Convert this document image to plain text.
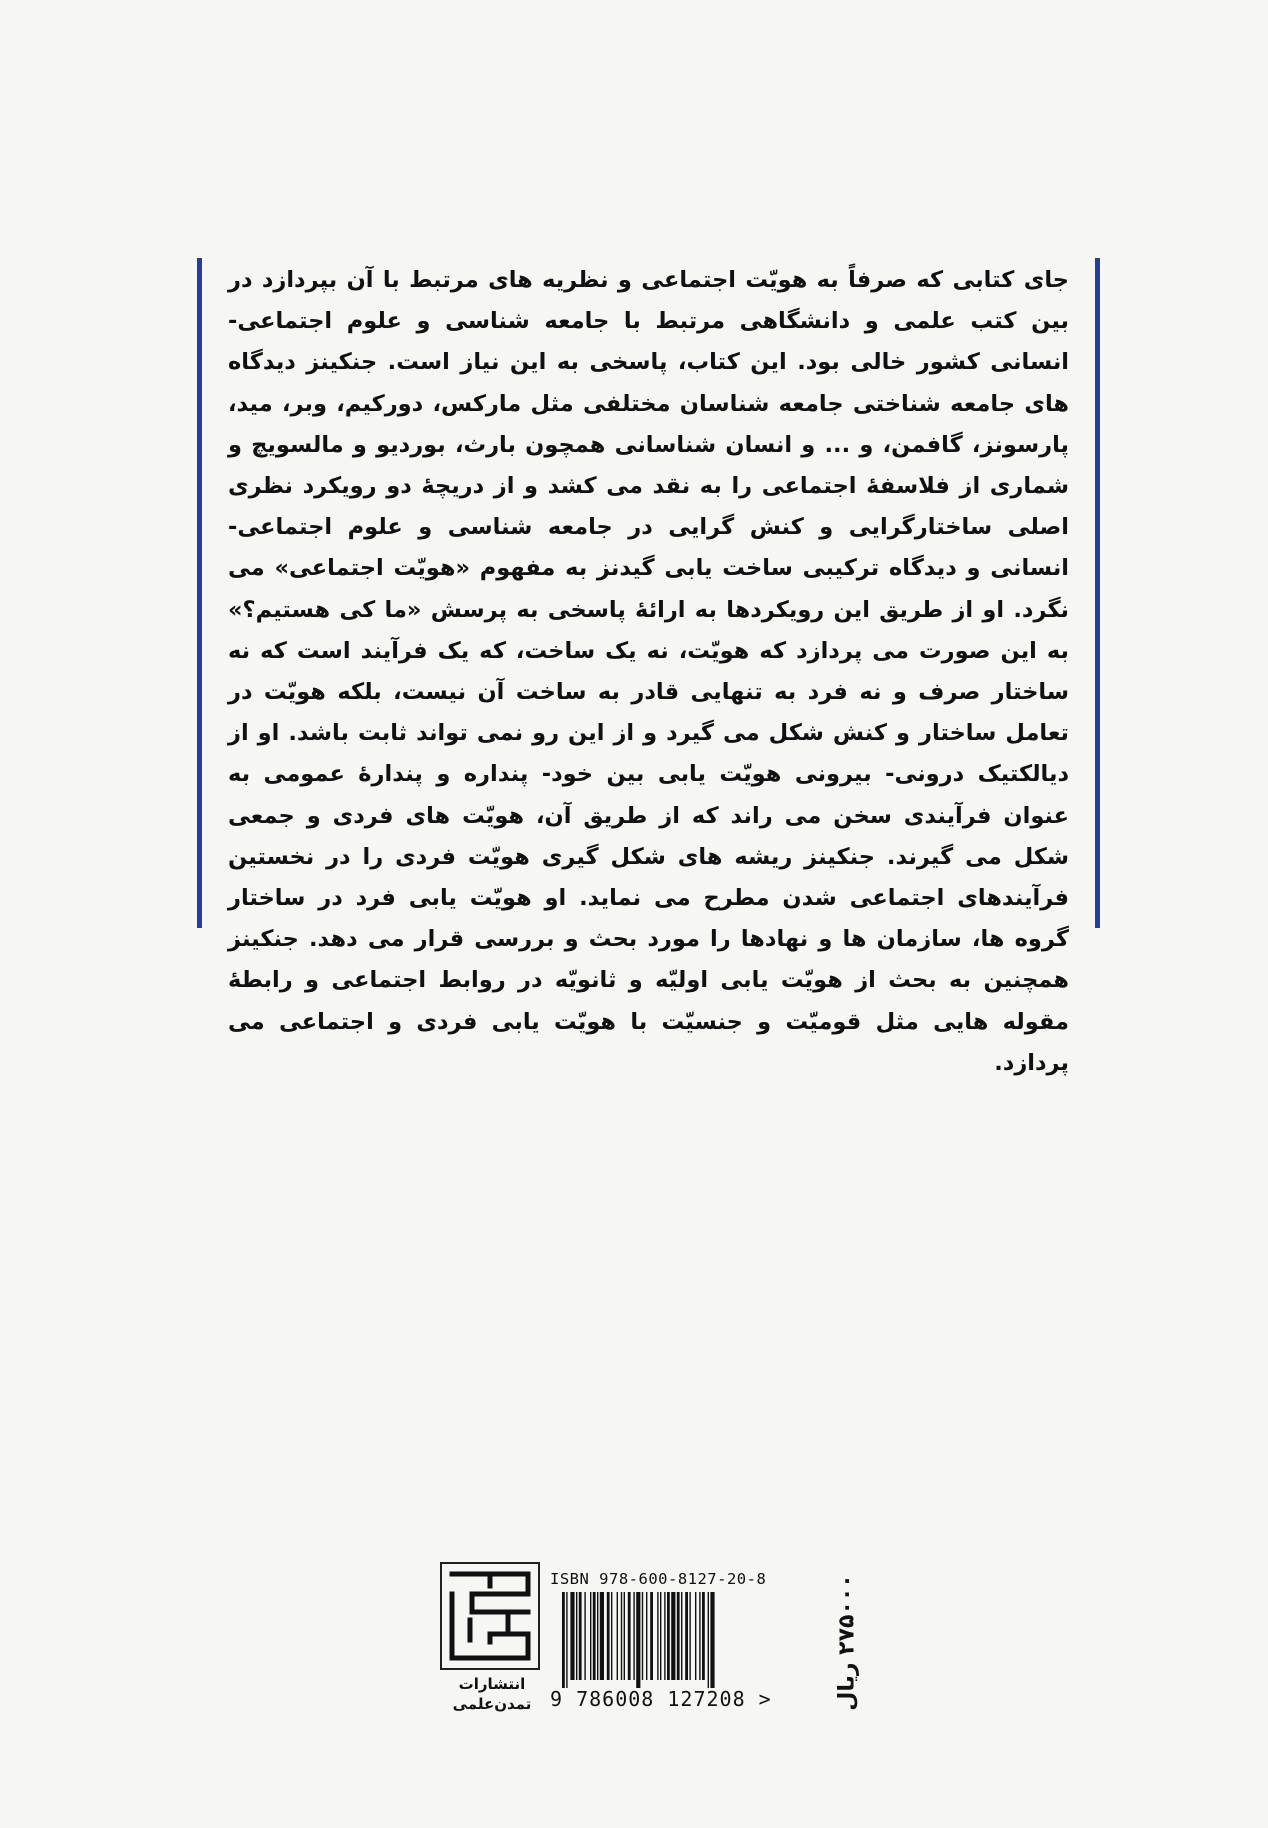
جای کتابی که صرفاً به هویّت اجتماعی و نظریه های مرتبط با آن بپردازد در بین کتب علمی و دانشگاهی مرتبط با جامعه شناسی و علوم اجتماعی- انسانی کشور خالی بود. این کتاب، پاسخی به این نیاز است. جنکینز دیدگاه های جامعه شناختی جامعه شناسان مختلفی مثل مارکس، دورکیم، وبر، مید، پارسونز، گافمن، و ... و انسان شناسانی همچون بارث، بوردیو و مالسویچ و شماری از فلاسفهٔ اجتماعی را به نقد می کشد و از دریچهٔ دو رویکرد نظری اصلی ساختارگرایی و کنش گرایی در جامعه شناسی و علوم اجتماعی- انسانی و دیدگاه ترکیبی ساخت یابی گیدنز به مفهوم «هویّت اجتماعی» می نگرد. او از طریق این رویکردها به ارائهٔ پاسخی به پرسش «ما کی هستیم؟» به این صورت می پردازد که هویّت، نه یک ساخت، که یک فرآیند است که نه ساختار صرف و نه فرد به تنهایی قادر به ساخت آن نیست، بلکه هویّت در تعامل ساختار و کنش شکل می گیرد و از این رو نمی تواند ثابت باشد. او از دیالکتیک درونی- بیرونی هویّت یابی بین خود- پنداره و پندارهٔ عمومی به عنوان فرآیندی سخن می راند که از طریق آن، هویّت های فردی و جمعی شکل می گیرند. جنکینز ریشه های شکل گیری هویّت فردی را در نخستین فرآیندهای اجتماعی شدن مطرح می نماید. او هویّت یابی فرد در ساختار گروه ها، سازمان ها و نهادها را مورد بحث و بررسی قرار می دهد. جنکینز همچنین به بحث از هویّت یابی اولیّه و ثانویّه در روابط اجتماعی و رابطهٔ مقوله هایی مثل قومیّت و جنسیّت با هویّت یابی فردی و اجتماعی می پردازد.

انتشارات
تمدن‌علمی
ISBN 978-600-8127-20-8
9 786008 127208 >	۲۷۵۰۰۰ ریال
